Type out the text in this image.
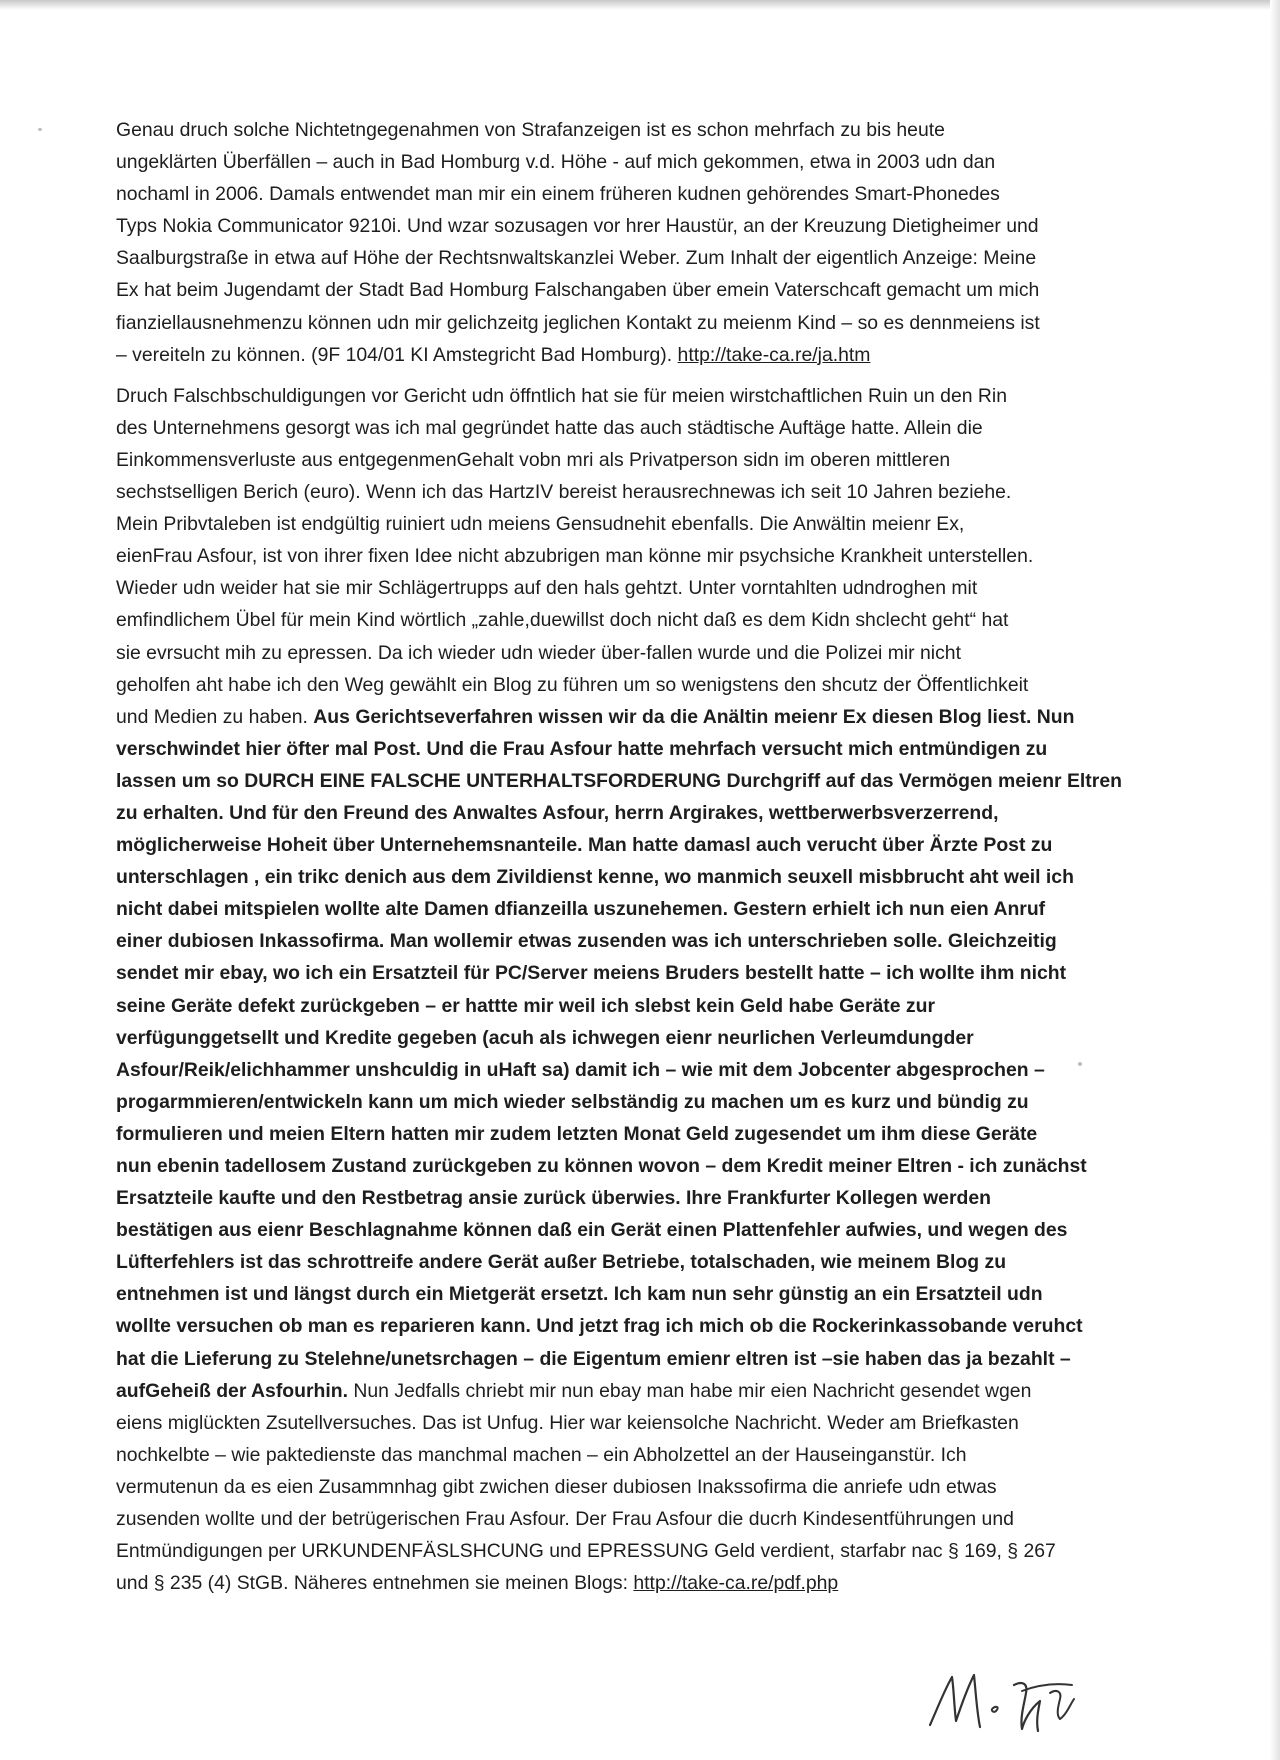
Genau druch solche Nichtetngegenahmen von Strafanzeigen ist es schon mehrfach zu bis heute
ungeklärten Überfällen – auch in Bad Homburg v.d. Höhe - auf mich gekommen, etwa in 2003 udn dan
nochaml in 2006. Damals entwendet man mir ein einem früheren kudnen gehörendes Smart-Phonedes
Typs Nokia Communicator 9210i. Und wzar sozusagen vor hrer Haustür, an der Kreuzung Dietigheimer und
Saalburgstraße in etwa auf Höhe der Rechtsnwaltskanzlei Weber. Zum Inhalt der eigentlich Anzeige: Meine
Ex hat beim Jugendamt der Stadt Bad Homburg Falschangaben über emein Vaterschcaft gemacht um mich
fianziellausnehmenzu können udn mir gelichzeitg jeglichen Kontakt zu meienm Kind – so es dennmeiens ist
– vereiteln zu können. (9F 104/01 KI Amstegricht Bad Homburg). http://take-ca.re/ja.htm
Druch Falschbschuldigungen vor Gericht udn öffntlich hat sie für meien wirstchaftlichen Ruin un den Rin
des Unternehmens gesorgt was ich mal gegründet hatte das auch städtische Auftäge hatte. Allein die
Einkommensverluste aus entgegenmenGehalt vobn mri als Privatperson sidn im oberen mittleren
sechstselligen Berich (euro). Wenn ich das HartzIV bereist herausrechnewas ich seit 10 Jahren beziehe.
Mein Pribvtaleben ist endgültig ruiniert udn meiens Gensudnehit ebenfalls. Die Anwältin meienr Ex,
eienFrau Asfour, ist von ihrer fixen Idee nicht abzubrigen man könne mir psychsiche Krankheit unterstellen.
Wieder udn weider hat sie mir Schlägertrupps auf den hals gehtzt. Unter vorntahlten udndroghen mit
emfindlichem Übel für mein Kind wörtlich „zahle,duewillst doch nicht daß es dem Kidn shclecht geht“ hat
sie evrsucht mih zu epressen. Da ich wieder udn wieder über-fallen wurde und die Polizei mir nicht
geholfen aht habe ich den Weg gewählt ein Blog zu führen um so wenigstens den shcutz der Öffentlichkeit
und Medien zu haben. Aus Gerichtseverfahren wissen wir da die Anältin meienr Ex diesen Blog liest. Nun
verschwindet hier öfter mal Post. Und die Frau Asfour hatte mehrfach versucht mich entmündigen zu
lassen um so DURCH EINE FALSCHE UNTERHALTSFORDERUNG Durchgriff auf das Vermögen meienr Eltren
zu erhalten. Und für den Freund des Anwaltes Asfour, herrn Argirakes, wettberwerbsverzerrend,
möglicherweise Hoheit über Unternehemsnanteile. Man hatte damasl auch verucht über Ärzte Post zu
unterschlagen , ein trikc denich aus dem Zivildienst kenne, wo manmich seuxell misbbrucht aht weil ich
nicht dabei mitspielen wollte alte Damen dfianzeilla uszunehemen. Gestern erhielt ich nun eien Anruf
einer dubiosen Inkassofirma. Man wollemir etwas zusenden was ich unterschrieben solle. Gleichzeitig
sendet mir ebay, wo ich ein Ersatzteil für PC/Server meiens Bruders bestellt hatte – ich wollte ihm nicht
seine Geräte defekt zurückgeben – er hattte mir weil ich slebst kein Geld habe Geräte zur
verfügunggetsellt und Kredite gegeben (acuh als ichwegen eienr neurlichen Verleumdungder
Asfour/Reik/elichhammer unshculdig in uHaft sa) damit ich – wie mit dem Jobcenter abgesprochen –
progarmmieren/entwickeln kann um mich wieder selbständig zu machen um es kurz und bündig zu
formulieren und meien Eltern hatten mir zudem letzten Monat Geld zugesendet um ihm diese Geräte
nun ebenin tadellosem Zustand zurückgeben zu können wovon – dem Kredit meiner Eltren - ich zunächst
Ersatzteile kaufte und den Restbetrag ansie zurück überwies. Ihre Frankfurter Kollegen werden
bestätigen aus eienr Beschlagnahme können daß ein Gerät einen Plattenfehler aufwies, und wegen des
Lüfterfehlers ist das schrottreife andere Gerät außer Betriebe, totalschaden, wie meinem Blog zu
entnehmen ist und längst durch ein Mietgerät ersetzt. Ich kam nun sehr günstig an ein Ersatzteil udn
wollte versuchen ob man es reparieren kann. Und jetzt frag ich mich ob die Rockerinkassobande veruhct
hat die Lieferung zu Stelehne/unetsrchagen – die Eigentum emienr eltren ist –sie haben das ja bezahlt –
aufGeheiß der Asfourhin. Nun Jedfalls chriebt mir nun ebay man habe mir eien Nachricht gesendet wgen
eiens miglückten Zsutellversuches. Das ist Unfug. Hier war keiensolche Nachricht. Weder am Briefkasten
nochkelbte – wie paktedienste das manchmal machen – ein Abholzettel an der Hauseinganstür. Ich
vermutenun da es eien Zusammnhag gibt zwichen dieser dubiosen Inakssofirma die anriefe udn etwas
zusenden wollte und der betrügerischen Frau Asfour. Der Frau Asfour die ducrh Kindesentführungen und
Entmündigungen per URKUNDENFÄSLSHCUNG und EPRESSUNG Geld verdient, starfabr nac § 169, § 267
und § 235 (4) StGB. Näheres entnehmen sie meinen Blogs: http://take-ca.re/pdf.php
